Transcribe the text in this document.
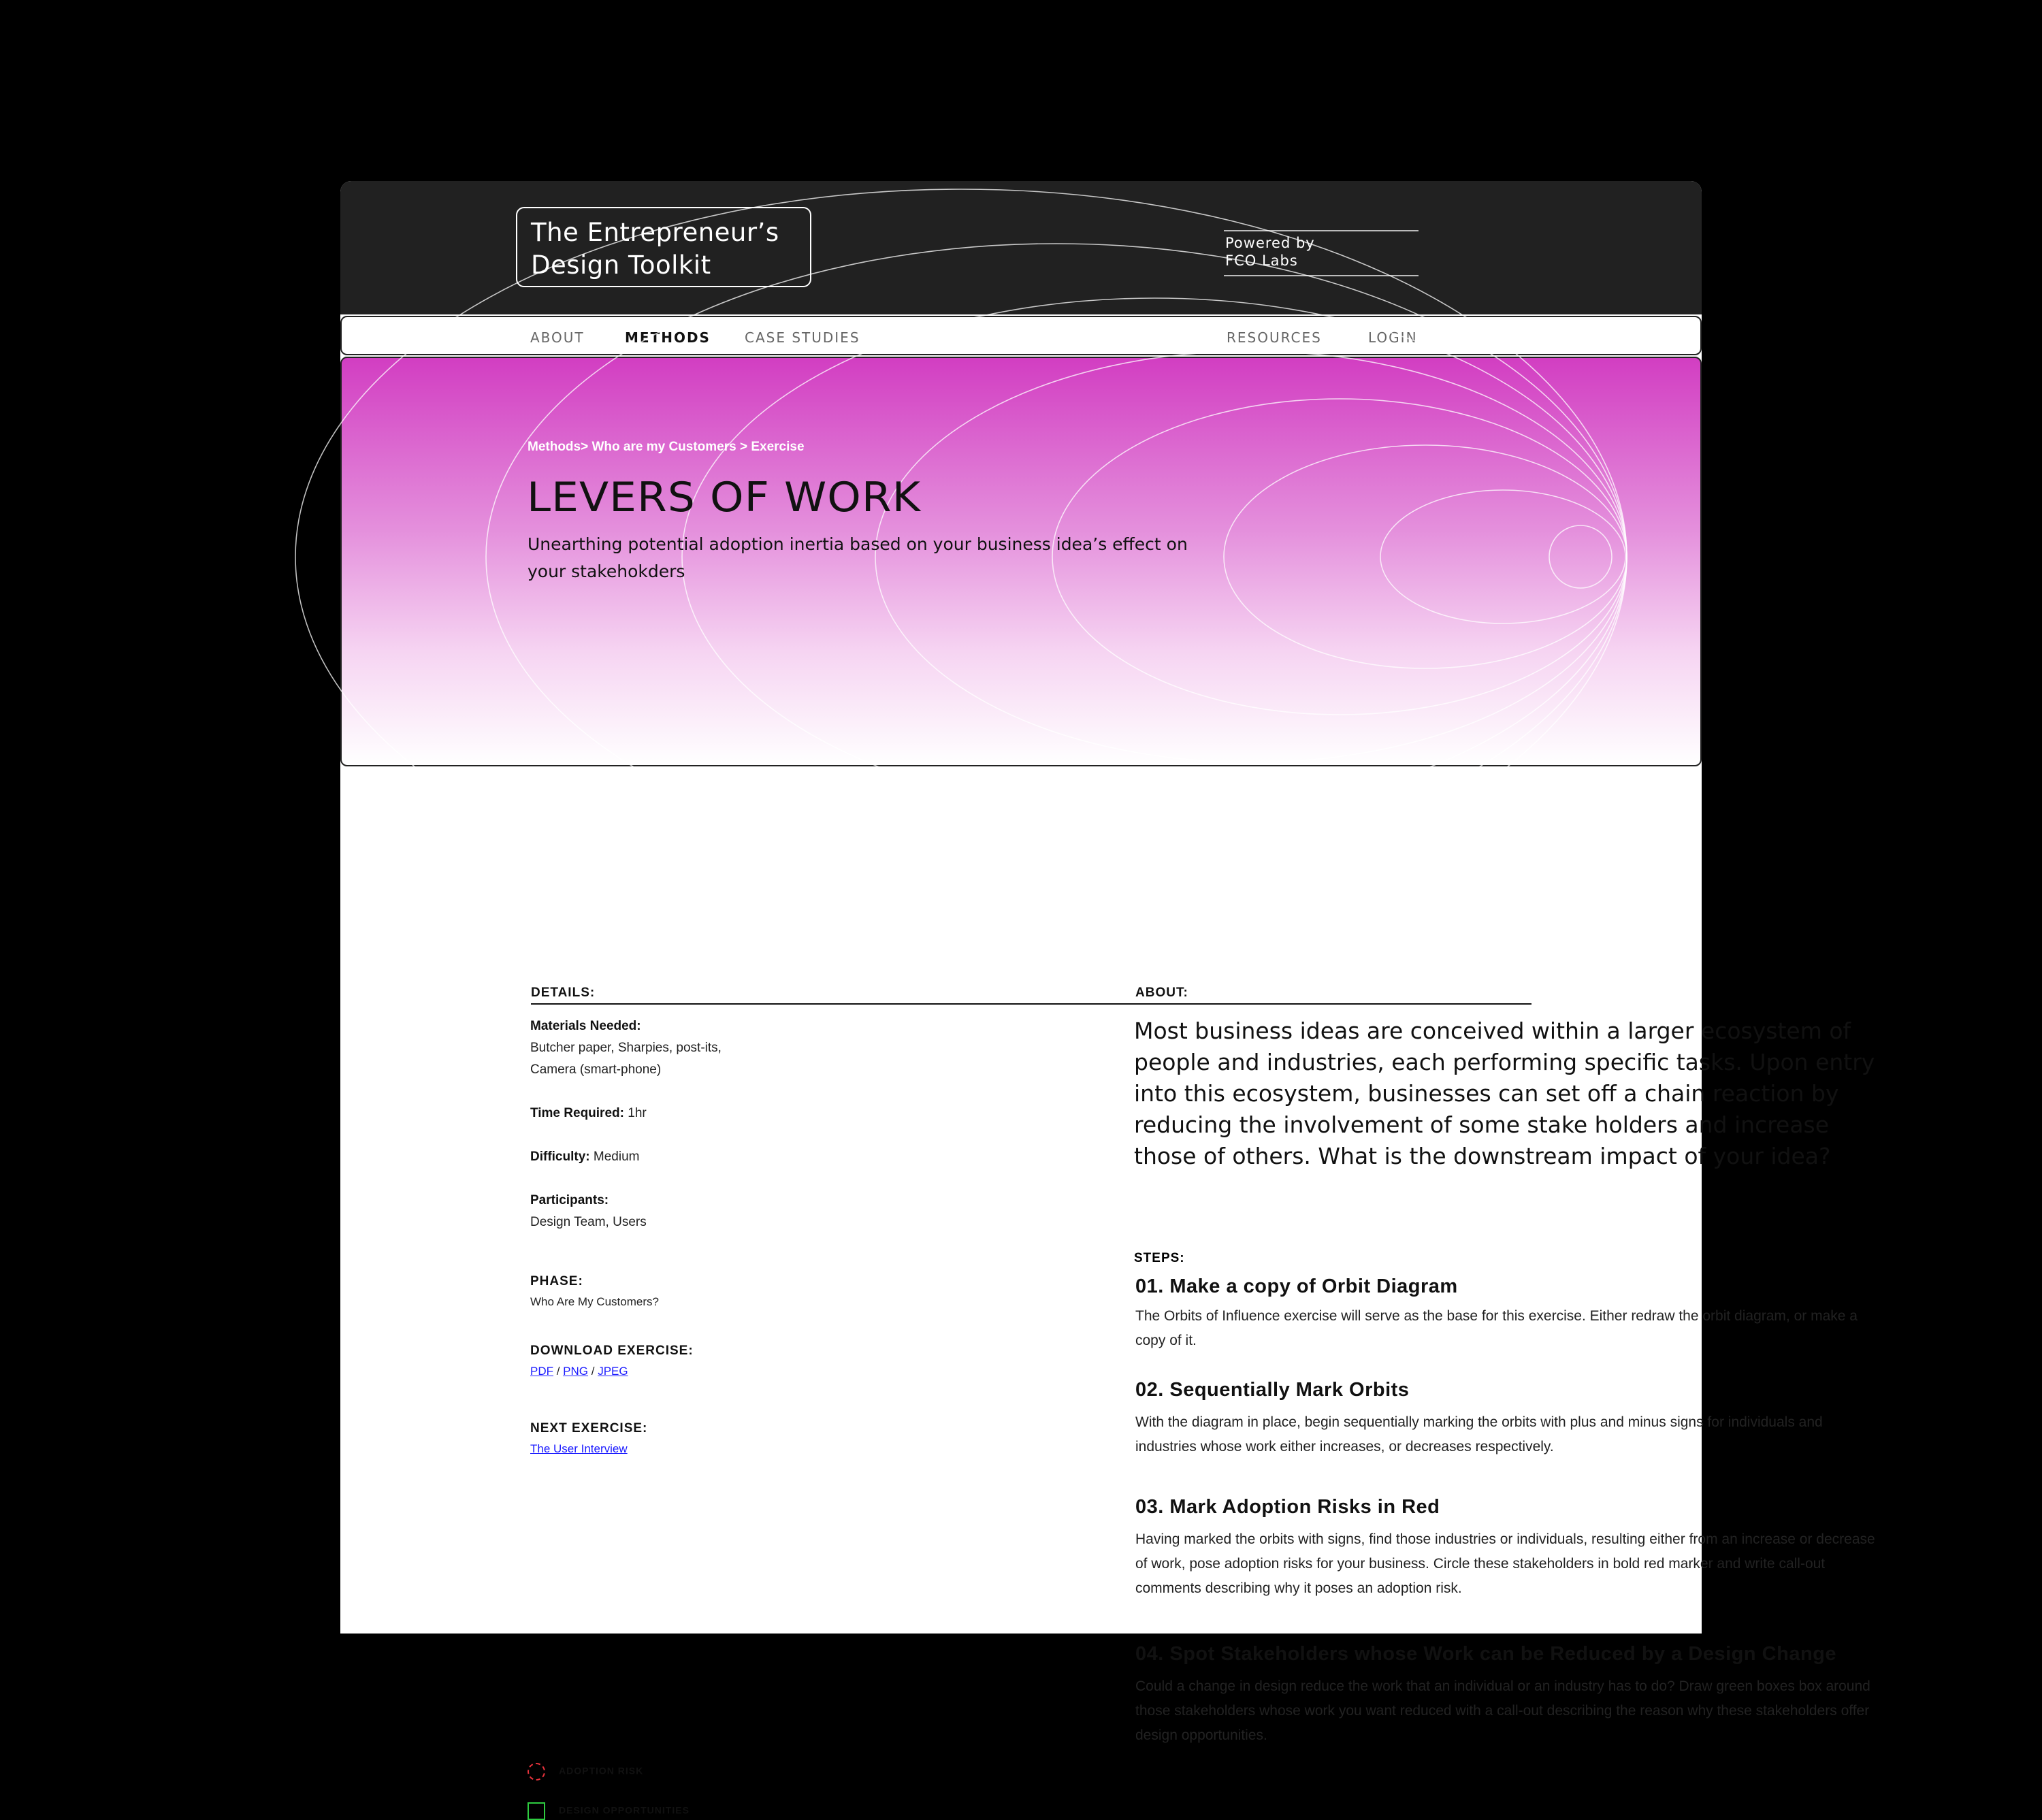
The Entrepreneur’s
Design Toolkit
Powered by
FCO Labs
ABOUT	METHODS	CASE STUDIES	RESOURCES	LOGIN
Methods> Who are my Customers > Exercise
LEVERS OF WORK
Unearthing potential adoption inertia based on your business idea’s effect on your stakehokders
DETAILS:	ABOUT:
Materials Needed:
Butcher paper, Sharpies, post-its,
Camera (smart-phone)
Time Required: 1hr
Difficulty: Medium
Participants:
Design Team, Users
PHASE:
Who Are My Customers?
DOWNLOAD EXERCISE:
PDF / PNG / JPEG
NEXT EXERCISE:
The User Interview
Most business ideas are conceived within a larger ecosystem of people and industries, each performing specific tasks. Upon entry into this ecosystem, businesses can set off a chain reaction by reducing the involvement of some stake holders and increase those of others. What is the downstream impact of your idea?
STEPS:
01. Make a copy of Orbit Diagram
The Orbits of Influence exercise will serve as the base for this exercise. Either redraw the orbit diagram, or make a copy of it.
02. Sequentially Mark Orbits
With the diagram in place, begin sequentially marking the orbits with plus and minus signs for individuals and industries whose work either increases, or decreases respectively.
03. Mark Adoption Risks in Red
Having marked the orbits with signs, find those industries or individuals, resulting either from an increase or decrease of work, pose adoption risks for your business. Circle these stakeholders in bold red marker and write call-out comments describing why it poses an adoption risk.
04. Spot Stakeholders whose Work can be Reduced by a Design Change
Could a change in design reduce the work that an individual or an industry has to do? Draw green boxes box around those stakeholders whose work you want reduced with a call-out describing the reason why these stakeholders offer design opportunities.
ADOPTION RISK
DESIGN OPPORTUNITIES
